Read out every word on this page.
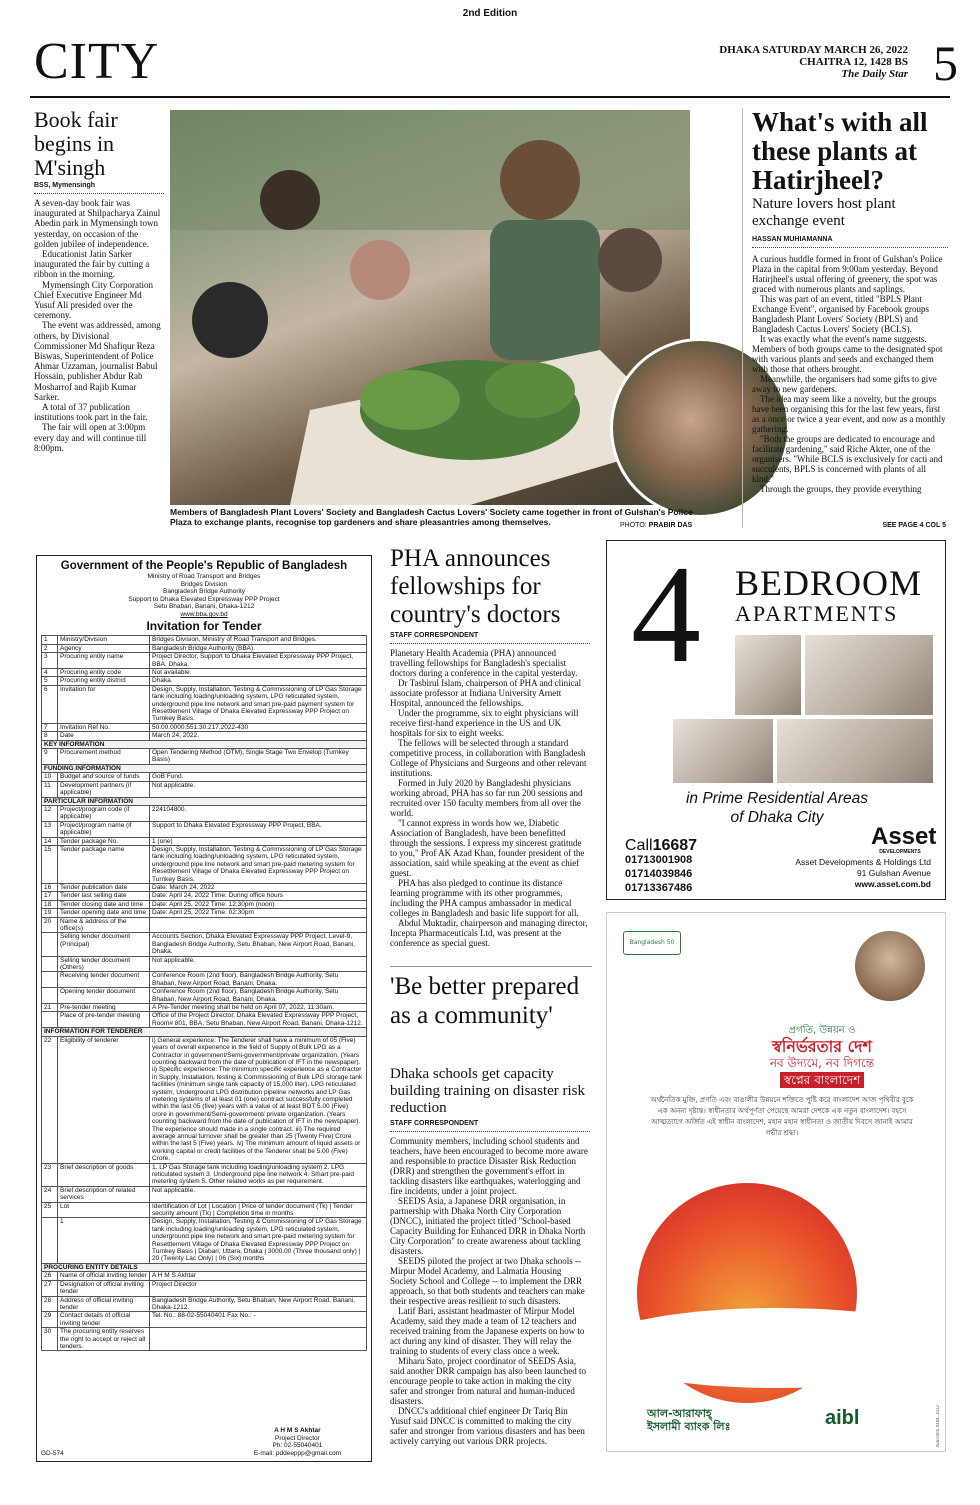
2nd Edition
CITY	DHAKA SATURDAY MARCH 26, 2022
CHAITRA 12, 1428 BS
The Daily Star 5
Book fair begins in M'singh
BSS, Mymensingh

A seven-day book fair was inaugurated at Shilpacharya Zainul Abedin park in Mymensingh town yesterday, on occasion of the golden jubilee of independence.

Educationist Jatin Sarker inaugurated the fair by cutting a ribbon in the morning.

Mymensingh City Corporation Chief Executive Engineer Md Yusuf Ali presided over the ceremony.

The event was addressed, among others, by Divisional Commissioner Md Shafiqur Reza Biswas, Superintendent of Police Ahmar Uzzaman, journalist Babul Hossain, publisher Abdur Rab Mosharrof and Rajib Kumar Sarker.

A total of 37 publication institutions took part in the fair.

The fair will open at 3:00pm every day and will continue till 8:00pm.

Members of Bangladesh Plant Lovers' Society and Bangladesh Cactus Lovers' Society came together in front of Gulshan's Police Plaza to exchange plants, recognise top gardeners and share pleasantries among themselves.	PHOTO: PRABIR DAS
What's with all these plants at Hatirjheel?
Nature lovers host plant exchange event
HASSAN MUHIAMANNA

A curious huddle formed in front of Gulshan's Police Plaza in the capital from 9:00am yesterday. Beyond Hatirjheel's usual offering of greenery, the spot was graced with numerous plants and saplings.

This was part of an event, titled "BPLS Plant Exchange Event", organised by Facebook groups Bangladesh Plant Lovers' Society (BPLS) and Bangladesh Cactus Lovers' Society (BCLS).

It was exactly what the event's name suggests. Members of both groups came to the designated spot with various plants and seeds and exchanged them with those that others brought.

Meanwhile, the organisers had some gifts to give away to new gardeners.

The idea may seem like a novelty, but the groups have been organising this for the last few years, first as a once or twice a year event, and now as a monthly gathering.

"Both the groups are dedicated to encourage and facilitate gardening," said Riche Akter, one of the organisers. "While BCLS is exclusively for cacti and succulents, BPLS is concerned with plants of all kind."

Through the groups, they provide everything

SEE PAGE 4 COL 5
Government of the People's Republic of Bangladesh
Ministry of Road Transport and Bridges
Bridges Division
Bangladesh Bridge Authority
Support to Dhaka Elevated Expressway PPP Project
Setu Bhaban, Banani, Dhaka-1212
www.bba.gov.bd
Invitation for Tender
1	Ministry/Division	Bridges Division, Ministry of Road Transport and Bridges.
2	Agency	Bangladesh Bridge Authority (BBA).
3	Procuring entity name	Project Director, Support to Dhaka Elevated Expressway PPP Project, BBA, Dhaka.
4	Procuring entity code	Not available.
5	Procuring entity district	Dhaka.
6	Invitation for	Design, Supply, Installation, Testing & Commissioning of LP Gas Storage tank including loading/unloading system, LPG reticulated system, underground pipe line network and smart pre-paid payment system for Resettlement Village of Dhaka Elevated Expressway PPP Project on Turnkey Basis.
7	Invitation Ref No.	50.00.0000.551.30.217.2022-430
8	Date	March 24, 2022.
KEY INFORMATION		
9	Procurement method	Open Tendering Method (OTM), Single Stage Two Envelop (Turnkey Basis)
FUNDING INFORMATION		
10	Budget and source of funds	GoB Fund.
11	Development partners (if applicable)	Not applicable.
PARTICULAR INFORMATION		
12	Project/program code (if applicable)	224104800.
13	Project/program name (if applicable)	Support to Dhaka Elevated Expressway PPP Project, BBA.
14	Tender package No.	1 (one)
15	Tender package name	Design, Supply, Installation, Testing & Commissioning of LP Gas Storage tank including loading/unloading system, LPG reticulated system, underground pipe line network and smart pre-paid metering system for Resettlement Village of Dhaka Elevated Expressway PPP Project on Turnkey Basis.
16	Tender publication date	Date: March 24, 2022
17	Tender last selling date	Date: April 24, 2022 Time: During office hours
18	Tender closing date and time	Date: April 25, 2022 Time: 12:30pm (noon)
19	Tender opening date and time	Date: April 25, 2022 Time: 02:30pm
20	Name & address of the office(s)	
	Selling tender document (Principal)	Accounts Section, Dhaka Elevated Expressway PPP Project, Level-9, Bangladesh Bridge Authority, Setu Bhaban, New Airport Road, Banani, Dhaka.
	Selling tender document (Others)	Not applicable.
	Receiving tender document	Conference Room (2nd floor), Bangladesh Bridge Authority, Setu Bhaban, New Airport Road, Banani, Dhaka.
	Opening tender document	Conference Room (2nd floor), Bangladesh Bridge Authority, Setu Bhaban, New Airport Road, Banani, Dhaka.
21	Pre-tender meeting	A Pre-Tender meeting shall be held on April 07, 2022, 11:30am.
	Place of pre-tender meeting	Office of the Project Director, Dhaka Elevated Expressway PPP Project, Room# 801, BBA, Setu Bhaban, New Airport Road, Banani, Dhaka-1212.
INFORMATION FOR TENDERER		
22	Eligibility of tenderer	i) General experience: The Tenderer shall have a minimum of 05 (Five) years of overall experience in the field of Supply of Bulk LPG as a Contractor in government/Semi-government/private organization. (Years counting backward from the date of publication of IFT in the newspaper). ii) Specific experience: The minimum specific experience as a Contractor in Supply, Installation, testing & Commissioning of Bulk LPG storage tank facilities (minimum single tank capacity of 15,000 liter), LPG reticulated system, Underground LPG distribution pipeline networks and LP Gas metering systems of at least 01 (one) contract successfully completed within the last 05 (five) years with a value of at least BDT 5.00 (Five) crore in government/Semi-government/ private organization. (Years counting backward from the date of publication of IFT in the newspaper). The experience should made in a single contract. iii) The required average annual turnover shall be greater than 25 (Twenty Five) Crore within the last 5 (Five) years. iv) The minimum amount of liquid assets or working capital or credit facilities of the Tenderer shall be 5.00 (Five) Crore.
23	Brief description of goods	1. LP Gas Storage tank including loading/unloading system 2. LPG reticulated system 3. Underground pipe line network 4. Smart pre-paid metering system 5. Other related works as per requirement.
24	Brief description of related services	Not applicable.
25	Lot	Identification of Lot | Location | Price of tender document (Tk) | Tender security amount (Tk) | Completion time in months
	1	Design, Supply, Installation, Testing & Commissioning of LP Gas Storage tank including loading/unloading system, LPG reticulated system, underground pipe line network and smart pre-paid metering system for Resettlement Village of Dhaka Elevated Expressway PPP Project on Turnkey Basis | Diabari, Uttara, Dhaka | 3000.00 (Three thousand only) | 20 (Twenty Lac Only) | 06 (Six) months
PROCURING ENTITY DETAILS		
26	Name of official inviting tender	A H M S Akhtar
27	Designation of official inviting tender	Project Director
28	Address of official inviting tender	Bangladesh Bridge Authority, Setu Bhaban, New Airport Road, Banani, Dhaka-1212.
29	Contact details of official inviting tender	Tel. No.: 88-02-55040401 Fax No.: -
30	The procuring entity reserves the right to accept or reject all tenders.	
GD-574
A H M S Akhtar
Project Director
Ph: 02-55040401
E-mail: pddeeppp@gmail.com
PHA announces fellowships for country's doctors
STAFF CORRESPONDENT

Planetary Health Academia (PHA) announced travelling fellowships for Bangladesh's specialist doctors during a conference in the capital yesterday.

Dr Tasbirul Islam, chairperson of PHA and clinical associate professor at Indiana University Arnett Hospital, announced the fellowships.

Under the programme, six to eight physicians will receive first-hand experience in the US and UK hospitals for six to eight weeks.

The fellows will be selected through a standard competitive process, in collaboration with Bangladesh College of Physicians and Surgeons and other relevant institutions.

Formed in July 2020 by Bangladeshi physicians working abroad, PHA has so far run 200 sessions and recruited over 150 faculty members from all over the world.

"I cannot express in words how we, Diabetic Association of Bangladesh, have been benefitted through the sessions. I express my sincerest gratitude to you," Prof AK Azad Khan, founder president of the association, said while speaking at the event as chief guest.

PHA has also pledged to continue its distance learning programme with its other programmes, including the PHA campus ambassador in medical colleges in Bangladesh and basic life support for all.

Abdul Muktadir, chairperson and managing director, Incepta Pharmaceuticals Ltd, was present at the conference as special guest.

'Be better prepared as a community'
Dhaka schools get capacity building training on disaster risk reduction
STAFF CORRESPONDENT

Community members, including school students and teachers, have been encouraged to become more aware and responsible to practice Disaster Risk Reduction (DRR) and strengthen the government's effort in tackling disasters like earthquakes, waterlogging and fire incidents, under a joint project.

SEEDS Asia, a Japanese DRR organisation, in partnership with Dhaka North City Corporation (DNCC), initiated the project titled "School-based Capacity Building for Enhanced DRR in Dhaka North City Corporation" to create awareness about tackling disasters.

SEEDS piloted the project at two Dhaka schools -- Mirpur Model Academy, and Lalmatia Housing Society School and College -- to implement the DRR approach, so that both students and teachers can make their respective areas resilient to such disasters.

Latif Bari, assistant headmaster of Mirpur Model Academy, said they made a team of 12 teachers and received training from the Japanese experts on how to act during any kind of disaster. They will relay the training to students of every class once a week.

Miharu Sato, project coordinator of SEEDS Asia, said another DRR campaign has also been launched to encourage people to take action in making the city safer and stronger from natural and human-induced disasters.

DNCC's additional chief engineer Dr Tariq Bin Yusuf said DNCC is committed to making the city safer and stronger from various disasters and has been actively carrying out various DRR projects.

4 BEDROOM
APARTMENTS
in Prime Residential Areas
of Dhaka City
Call16687
01713001908
01714039846
01713367486
Asset
DEVELOPMENTS
Asset Developments & Holdings Ltd
91 Gulshan Avenue
www.asset.com.bd
Bangladesh 50
প্রগতি, উন্নয়ন ও
স্বনির্ভরতার দেশ
নব উদ্যমে, নব দিগন্তে
স্বপ্নের বাংলাদেশ
অর্থনৈতিক মুক্তি, প্রগতি এবং বাঙালীর উন্নয়নে শক্তিতে পুষ্টি করে বাংলাদেশ আজ পৃথিবীর বুকে এক অনন্য দৃষ্টান্ত। স্বাধীনতার অর্থপূর্ণতা পেয়েছে আমরা দেশকে এক নতুন বাংলাদেশ। বহসে আত্মত্যাগে অর্জিত এই স্বাধীন বাংলাদেশ, মহান মহান স্বাধীনতা ও জাতীয় দিবসে জানাই আমার গভীর শ্রদ্ধা।
আল-আরাফাহ্
ইসলামী ব্যাংক লিঃ	aibl	Adcomm AIBL 2022
